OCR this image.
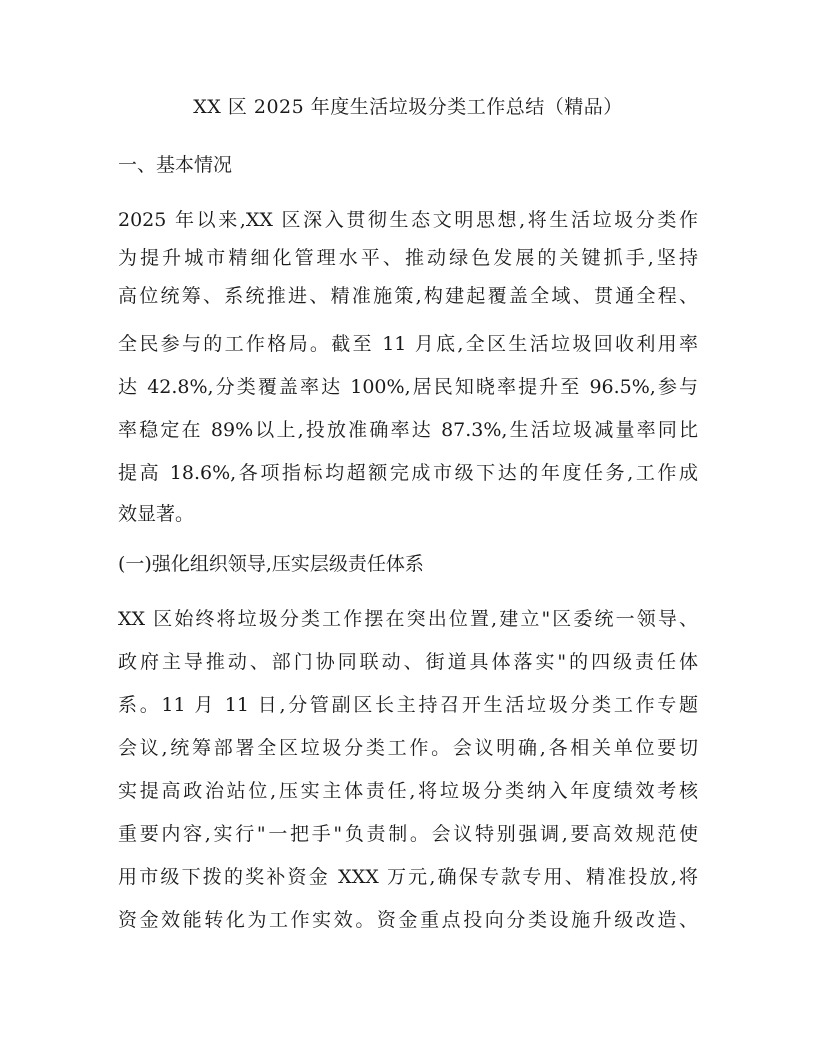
XX 区 2025 年度生活垃圾分类工作总结（精品）
一、基本情况
2025 年以来,XX 区深入贯彻生态文明思想,将生活垃圾分类作
为提升城市精细化管理水平、推动绿色发展的关键抓手,坚持
高位统筹、系统推进、精准施策,构建起覆盖全域、贯通全程、
全民参与的工作格局。截至 11 月底,全区生活垃圾回收利用率
达 42.8%,分类覆盖率达 100%,居民知晓率提升至 96.5%,参与
率稳定在 89%以上,投放准确率达 87.3%,生活垃圾减量率同比
提高 18.6%,各项指标均超额完成市级下达的年度任务,工作成
效显著。
(一)强化组织领导,压实层级责任体系
XX 区始终将垃圾分类工作摆在突出位置,建立"区委统一领导、
政府主导推动、部门协同联动、街道具体落实"的四级责任体
系。11 月 11 日,分管副区长主持召开生活垃圾分类工作专题
会议,统筹部署全区垃圾分类工作。会议明确,各相关单位要切
实提高政治站位,压实主体责任,将垃圾分类纳入年度绩效考核
重要内容,实行"一把手"负责制。会议特别强调,要高效规范使
用市级下拨的奖补资金 XXX 万元,确保专款专用、精准投放,将
资金效能转化为工作实效。资金重点投向分类设施升级改造、
